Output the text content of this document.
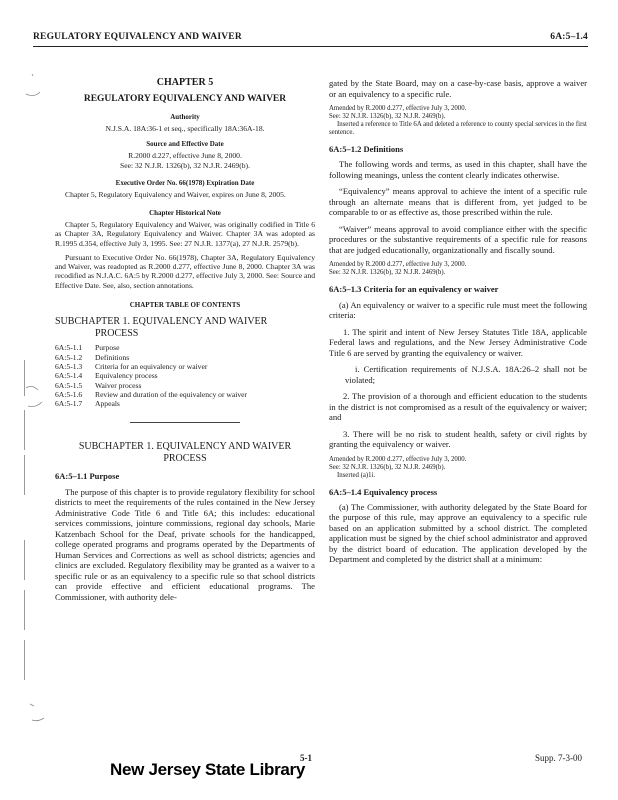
REGULATORY EQUIVALENCY AND WAIVER	6A:5–1.4
CHAPTER 5
REGULATORY EQUIVALENCY AND WAIVER
Authority
N.J.S.A. 18A:36-1 et seq., specifically 18A:36A-18.
Source and Effective Date
R.2000 d.227, effective June 8, 2000.
See: 32 N.J.R. 1326(b), 32 N.J.R. 2469(b).
Executive Order No. 66(1978) Expiration Date
Chapter 5, Regulatory Equivalency and Waiver, expires on June 8, 2005.
Chapter Historical Note
Chapter 5, Regulatory Equivalency and Waiver, was originally codified in Title 6 as Chapter 3A, Regulatory Equivalency and Waiver. Chapter 3A was adopted as R.1995 d.354, effective July 3, 1995. See: 27 N.J.R. 1377(a), 27 N.J.R. 2579(b).
Pursuant to Executive Order No. 66(1978), Chapter 3A, Regulatory Equivalency and Waiver, was readopted as R.2000 d.277, effective June 8, 2000. Chapter 3A was recodified as N.J.A.C. 6A:5 by R.2000 d.277, effective July 3, 2000. See: Source and Effective Date. See, also, section annotations.
CHAPTER TABLE OF CONTENTS
SUBCHAPTER 1. EQUIVALENCY AND WAIVER
PROCESS
6A:5-1.1	Purpose
6A:5-1.2	Definitions
6A:5-1.3	Criteria for an equivalency or waiver
6A:5-1.4	Equivalency process
6A:5-1.5	Waiver process
6A:5-1.6	Review and duration of the equivalency or waiver
6A:5-1.7	Appeals
SUBCHAPTER 1. EQUIVALENCY AND WAIVER
PROCESS
6A:5–1.1 Purpose
The purpose of this chapter is to provide regulatory flexibility for school districts to meet the requirements of the rules contained in the New Jersey Administrative Code Title 6 and Title 6A; this includes: educational services commissions, jointure commissions, regional day schools, Marie Katzenbach School for the Deaf, private schools for the handicapped, college operated programs and programs operated by the Departments of Human Services and Corrections as well as school districts; agencies and clinics are excluded. Regulatory flexibility may be granted as a waiver to a specific rule or as an equivalency to a specific rule so that school districts can provide effective and efficient educational programs. The Commissioner, with authority dele-
gated by the State Board, may on a case-by-case basis, approve a waiver or an equivalency to a specific rule.
Amended by R.2000 d.277, effective July 3, 2000.
See: 32 N.J.R. 1326(b), 32 N.J.R. 2469(b).
Inserted a reference to Title 6A and deleted a reference to county special services in the first sentence.
6A:5–1.2 Definitions
The following words and terms, as used in this chapter, shall have the following meanings, unless the content clearly indicates otherwise.
“Equivalency” means approval to achieve the intent of a specific rule through an alternate means that is different from, yet judged to be comparable to or as effective as, those prescribed within the rule.
“Waiver” means approval to avoid compliance either with the specific procedures or the substantive requirements of a specific rule for reasons that are judged educationally, organizationally and fiscally sound.
Amended by R.2000 d.277, effective July 3, 2000.
See: 32 N.J.R. 1326(b), 32 N.J.R. 2469(b).
6A:5–1.3 Criteria for an equivalency or waiver
(a) An equivalency or waiver to a specific rule must meet the following criteria:
1. The spirit and intent of New Jersey Statutes Title 18A, applicable Federal laws and regulations, and the New Jersey Administrative Code Title 6 are served by granting the equivalency or waiver.
i. Certification requirements of N.J.S.A. 18A:26–2 shall not be violated;
2. The provision of a thorough and efficient education to the students in the district is not compromised as a result of the equivalency or waiver; and
3. There will be no risk to student health, safety or civil rights by granting the equivalency or waiver.
Amended by R.2000 d.277, effective July 3, 2000.
See: 32 N.J.R. 1326(b), 32 N.J.R. 2469(b).
Inserted (a)1i.
6A:5–1.4 Equivalency process
(a) The Commissioner, with authority delegated by the State Board for the purpose of this rule, may approve an equivalency to a specific rule based on an application submitted by a school district. The completed application must be signed by the chief school administrator and approved by the district board of education. The application developed by the Department and completed by the district shall at a minimum:
5-1	Supp. 7-3-00
New Jersey State Library
